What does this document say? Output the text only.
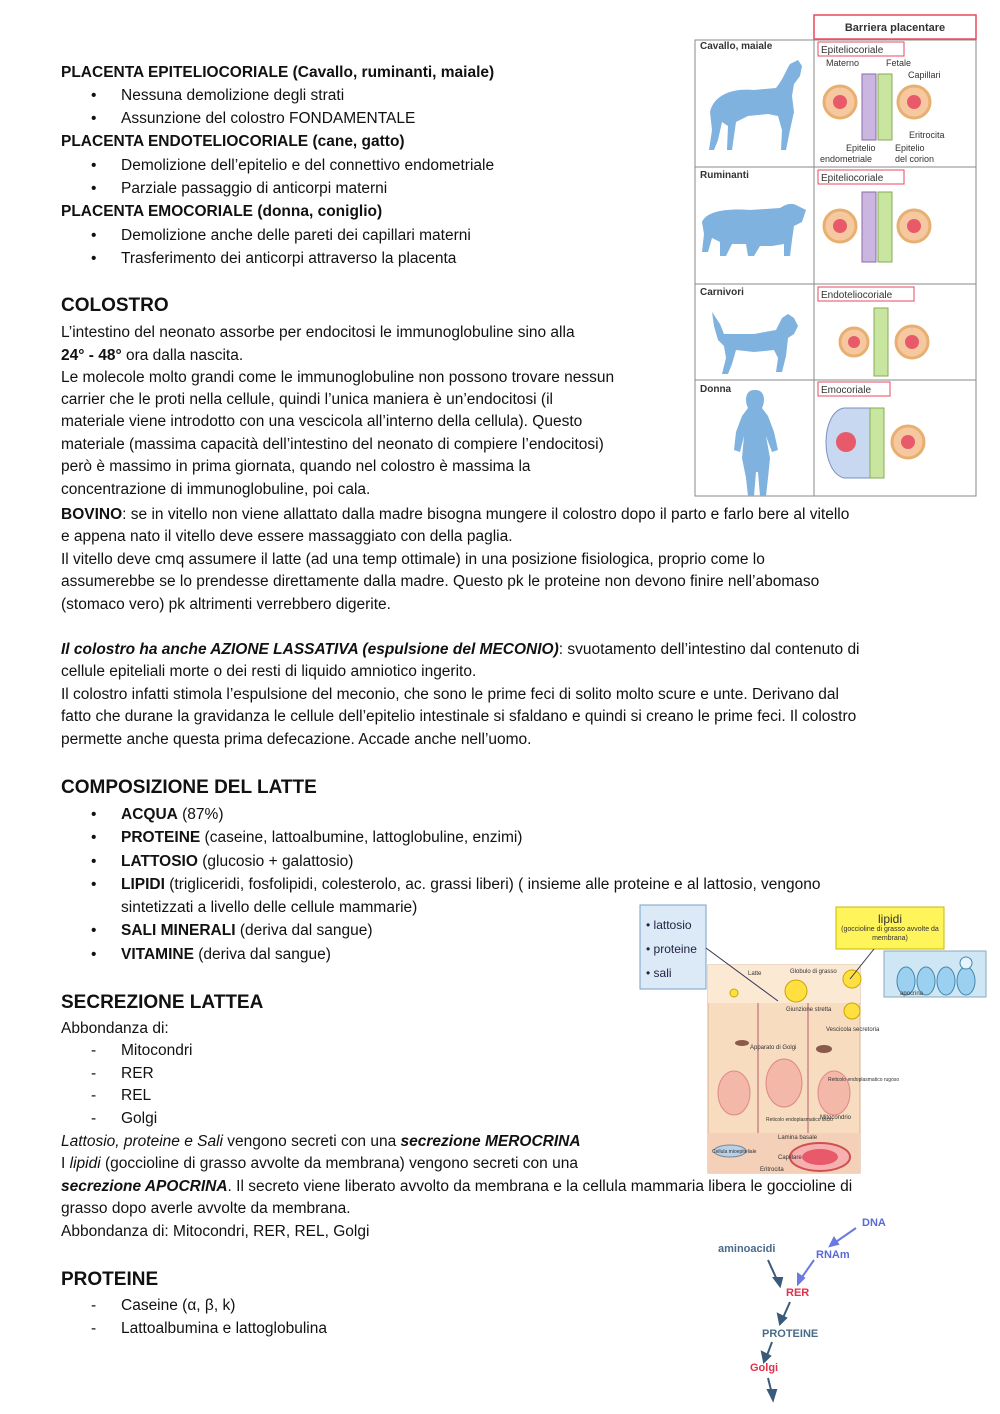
PLACENTA EPITELIOCORIALE (Cavallo, ruminanti, maiale)
• Nessuna demolizione degli strati
• Assunzione del colostro FONDAMENTALE
PLACENTA ENDOTELIOCORIALE (cane, gatto)
• Demolizione dell’epitelio e del connettivo endometriale
• Parziale passaggio di anticorpi materni
PLACENTA EMOCORIALE (donna, coniglio)
• Demolizione anche delle pareti dei capillari materni
• Trasferimento dei anticorpi attraverso la placenta
COLOSTRO
L’intestino del neonato assorbe per endocitosi le immunoglobuline sino alla
24° - 48° ora dalla nascita.
Le molecole molto grandi come le immunoglobuline non possono trovare nessun
carrier che le proti nella cellule, quindi l’unica maniera è un’endocitosi (il
materiale viene introdotto con una vescicola all’interno della cellula). Questo
materiale (massima capacità dell’intestino del neonato di compiere l’endocitosi)
però è massimo in prima giornata, quando nel colostro è massima la
concentrazione di immunoglobuline, poi cala.
BOVINO: se in vitello non viene allattato dalla madre bisogna mungere il colostro dopo il parto e farlo bere al vitello
e appena nato il vitello deve essere massaggiato con della paglia.
Il vitello deve cmq assumere il latte (ad una temp ottimale) in una posizione fisiologica, proprio come lo
assumerebbe se lo prendesse direttamente dalla madre. Questo pk le proteine non devono finire nell’abomaso
(stomaco vero) pk altrimenti verrebbero digerite.
Il colostro ha anche AZIONE LASSATIVA (espulsione del MECONIO): svuotamento dell’intestino dal contenuto di
cellule epiteliali morte o dei resti di liquido amniotico ingerito.
Il colostro infatti stimola l’espulsione del meconio, che sono le prime feci di solito molto scure e unte. Derivano dal
fatto che durane la gravidanza le cellule dell’epitelio intestinale si sfaldano e quindi si creano le prime feci. Il colostro
permette anche questa prima defecazione. Accade anche nell’uomo.
COMPOSIZIONE DEL LATTE
• ACQUA (87%)
• PROTEINE (caseine, lattoalbumine, lattoglobuline, enzimi)
• LATTOSIO (glucosio + galattosio)
• LIPIDI (trigliceridi, fosfolipidi, colesterolo, ac. grassi liberi) ( insieme alle proteine e al lattosio, vengono
sintetizzati a livello delle cellule mammarie)
• SALI MINERALI (deriva dal sangue)
• VITAMINE (deriva dal sangue)
SECREZIONE LATTEA
Abbondanza di:
- Mitocondri
- RER
- REL
- Golgi
Lattosio, proteine e Sali vengono secreti con una secrezione MEROCRINA
I lipidi (goccioline di grasso avvolte da membrana) vengono secreti con una
secrezione APOCRINA. Il secreto viene liberato avvolto da membrana e la cellula mammaria libera le goccioline di
grasso dopo averle avvolte da membrana.
Abbondanza di: Mitocondri, RER, REL, Golgi
PROTEINE
- Caseine (α, β, k)
- Lattoalbumina e lattoglobulina
Barriera placentare
Cavallo, maiale
Ruminanti
Carnivori
Donna
Epiteliocoriale
Epiteliocoriale
Endoteliocoriale
Emocoriale
Materno	Fetale
Capillari
Eritrocita
Epitelio endometriale
Epitelio del corion
• lattosio
• proteine
• sali
lipidi
(goccioline di grasso avvolte da membrana)
apocrina
Latte	Globulo di grasso
Giunzione stretta
Vescicola secretoria
Apparato di Golgi
Reticolo endoplasmatico rugoso
Reticolo endoplasmatico liscio
Mitocondrio
Lamina basale
Cellula mioepiteliale
Capillare
Eritrocita
DNA
aminoacidi	RNAm
RER
PROTEINE
Golgi
